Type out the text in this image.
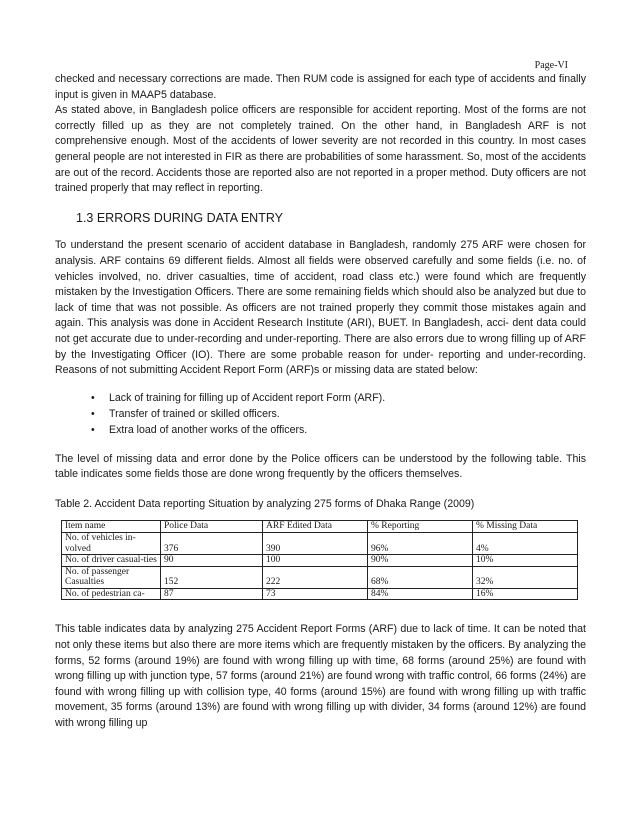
Page-VI

checked and necessary corrections are made. Then RUM code is assigned for each type of accidents and finally input is given in MAAP5 database.

As stated above, in Bangladesh police officers are responsible for accident reporting. Most of the forms are not correctly filled up as they are not completely trained. On the other hand, in Bangladesh ARF is not comprehensive enough. Most of the accidents of lower severity are not recorded in this country. In most cases general people are not interested in FIR as there are probabilities of some harassment. So, most of the accidents are out of the record. Accidents those are reported also are not reported in a proper method. Duty officers are not trained properly that may reflect in reporting.

1.3 ERRORS DURING DATA ENTRY

To understand the present scenario of accident database in Bangladesh, randomly 275 ARF were chosen for analysis. ARF contains 69 different fields. Almost all fields were observed carefully and some fields (i.e. no. of vehicles involved, no. driver casualties, time of accident, road class etc.) were found which are frequently mistaken by the Investigation Officers. There are some remaining fields which should also be analyzed but due to lack of time that was not possible. As officers are not trained properly they commit those mistakes again and again. This analysis was done in Accident Research Institute (ARI), BUET. In Bangladesh, acci- dent data could not get accurate due to under-recording and under-reporting. There are also errors due to wrong filling up of ARF by the Investigating Officer (IO). There are some probable reason for under- reporting and under-recording. Reasons of not submitting Accident Report Form (ARF)s or missing data are stated below:

• Lack of training for filling up of Accident report Form (ARF).
• Transfer of trained or skilled officers.
• Extra load of another works of the officers.

The level of missing data and error done by the Police officers can be understood by the following table. This table indicates some fields those are done wrong frequently by the officers themselves.

Table 2. Accident Data reporting Situation by analyzing 275 forms of Dhaka Range (2009)
Item name	Police Data	ARF Edited Data	% Reporting	% Missing Data
No. of vehicles in-volved	376	390	96%	4%
No. of driver casual-ties	90	100	90%	10%
No. of passenger Casualties	152	222	68%	32%
No. of pedestrian ca-	87	73	84%	16%

This table indicates data by analyzing 275 Accident Report Forms (ARF) due to lack of time. It can be noted that not only these items but also there are more items which are frequently mistaken by the officers. By analyzing the forms, 52 forms (around 19%) are found with wrong filling up with time, 68 forms (around 25%) are found with wrong filling up with junction type, 57 forms (around 21%) are found wrong with traffic control, 66 forms (24%) are found with wrong filling up with collision type, 40 forms (around 15%) are found with wrong filling up with traffic movement, 35 forms (around 13%) are found with wrong filling up with divider, 34 forms (around 12%) are found with wrong filling up
